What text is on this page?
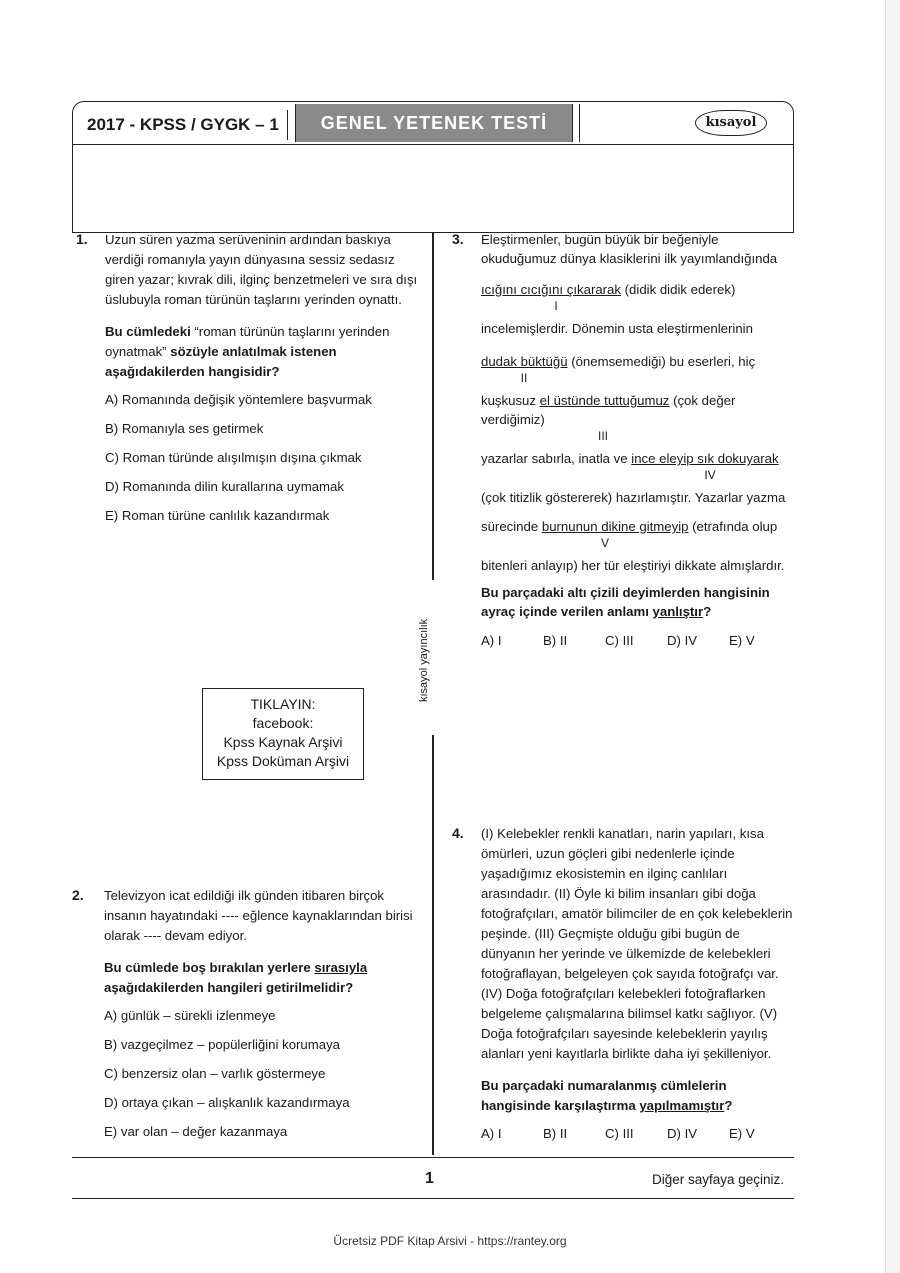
2017 - KPSS / GYGK – 1	GENEL YETENEK TESTİ	kısayol
kısayol yayıncılık
1. Uzun süren yazma serüveninin ardından baskıya verdiği romanıyla yayın dünyasına sessiz sedasız giren yazar; kıvrak dili, ilginç benzetmeleri ve sıra dışı üslubuyla roman türünün taşlarını yerinden oynattı.

Bu cümledeki “roman türünün taşlarını yerinden oynatmak” sözüyle anlatılmak istenen aşağıdakilerden hangisidir?

A) Romanında değişik yöntemlere başvurmak

B) Romanıyla ses getirmek

C) Roman türünde alışılmışın dışına çıkmak

D) Romanında dilin kurallarına uymamak

E) Roman türüne canlılık kazandırmak

TIKLAYIN:
facebook:
Kpss Kaynak Arşivi
Kpss Doküman Arşivi
2. Televizyon icat edildiği ilk günden itibaren birçok insanın hayatındaki ---- eğlence kaynaklarından birisi olarak ---- devam ediyor.

Bu cümlede boş bırakılan yerlere sırasıyla aşağıdakilerden hangileri getirilmelidir?

A) günlük – sürekli izlenmeye

B) vazgeçilmez – popülerliğini korumaya

C) benzersiz olan – varlık göstermeye

D) ortaya çıkan – alışkanlık kazandırmaya

E) var olan – değer kazanmaya

3. Eleştirmenler, bugün büyük bir beğeniyle okuduğumuz dünya klasiklerini ilk yayımlandığında

ıcığını cıcığını çıkararak (didik didik ederek)

I

incelemişlerdir. Dönemin usta eleştirmenlerinin

dudak büktüğü (önemsemediği) bu eserleri, hiç

II

kuşkusuz el üstünde tuttuğumuz (çok değer verdiğimiz)

III

yazarlar sabırla, inatla ve ince eleyip sık dokuyarak

IV

(çok titizlik göstererek) hazırlamıştır. Yazarlar yazma

sürecinde burnunun dikine gitmeyip (etrafında olup

V

bitenleri anlayıp) her tür eleştiriyi dikkate almışlardır.

Bu parçadaki altı çizili deyimlerden hangisinin ayraç içinde verilen anlamı yanlıştır?

A) I	B) II	C) III	D) IV	E) V
4. (I) Kelebekler renkli kanatları, narin yapıları, kısa ömürleri, uzun göçleri gibi nedenlerle içinde yaşadığımız ekosistemin en ilginç canlıları arasındadır. (II) Öyle ki bilim insanları gibi doğa fotoğrafçıları, amatör bilimciler de en çok kelebeklerin peşinde. (III) Geçmişte olduğu gibi bugün de dünyanın her yerinde ve ülkemizde de kelebekleri fotoğraflayan, belgeleyen çok sayıda fotoğrafçı var. (IV) Doğa fotoğrafçıları kelebekleri fotoğraflarken belgeleme çalışmalarına bilimsel katkı sağlıyor. (V) Doğa fotoğrafçıları sayesinde kelebeklerin yayılış alanları yeni kayıtlarla birlikte daha iyi şekilleniyor.

Bu parçadaki numaralanmış cümlelerin hangisinde karşılaştırma yapılmamıştır?

A) I	B) II	C) III	D) IV	E) V
1	Diğer sayfaya geçiniz.
Ücretsiz PDF Kitap Arsivi - https://rantey.org
